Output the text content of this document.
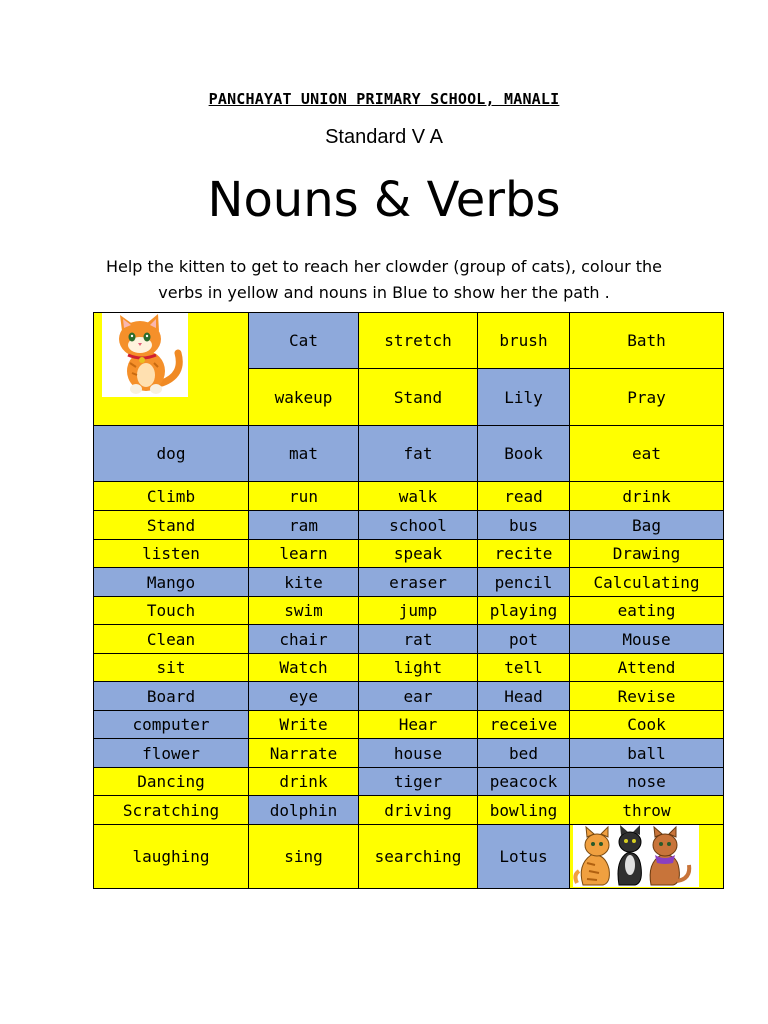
PANCHAYAT UNION PRIMARY SCHOOL, MANALI
Standard V A
Nouns & Verbs
Help the kitten to get to reach her clowder (group of cats), colour the
verbs in yellow and nouns in Blue to show her the path .
	Cat	stretch	brush	Bath
	wakeup	Stand	Lily	Pray
dog	mat	fat	Book	eat
Climb	run	walk	read	drink
Stand	ram	school	bus	Bag
listen	learn	speak	recite	Drawing
Mango	kite	eraser	pencil	Calculating
Touch	swim	jump	playing	eating
Clean	chair	rat	pot	Mouse
sit	Watch	light	tell	Attend
Board	eye	ear	Head	Revise
computer	Write	Hear	receive	Cook
flower	Narrate	house	bed	ball
Dancing	drink	tiger	peacock	nose
Scratching	dolphin	driving	bowling	throw
laughing	sing	searching	Lotus	
